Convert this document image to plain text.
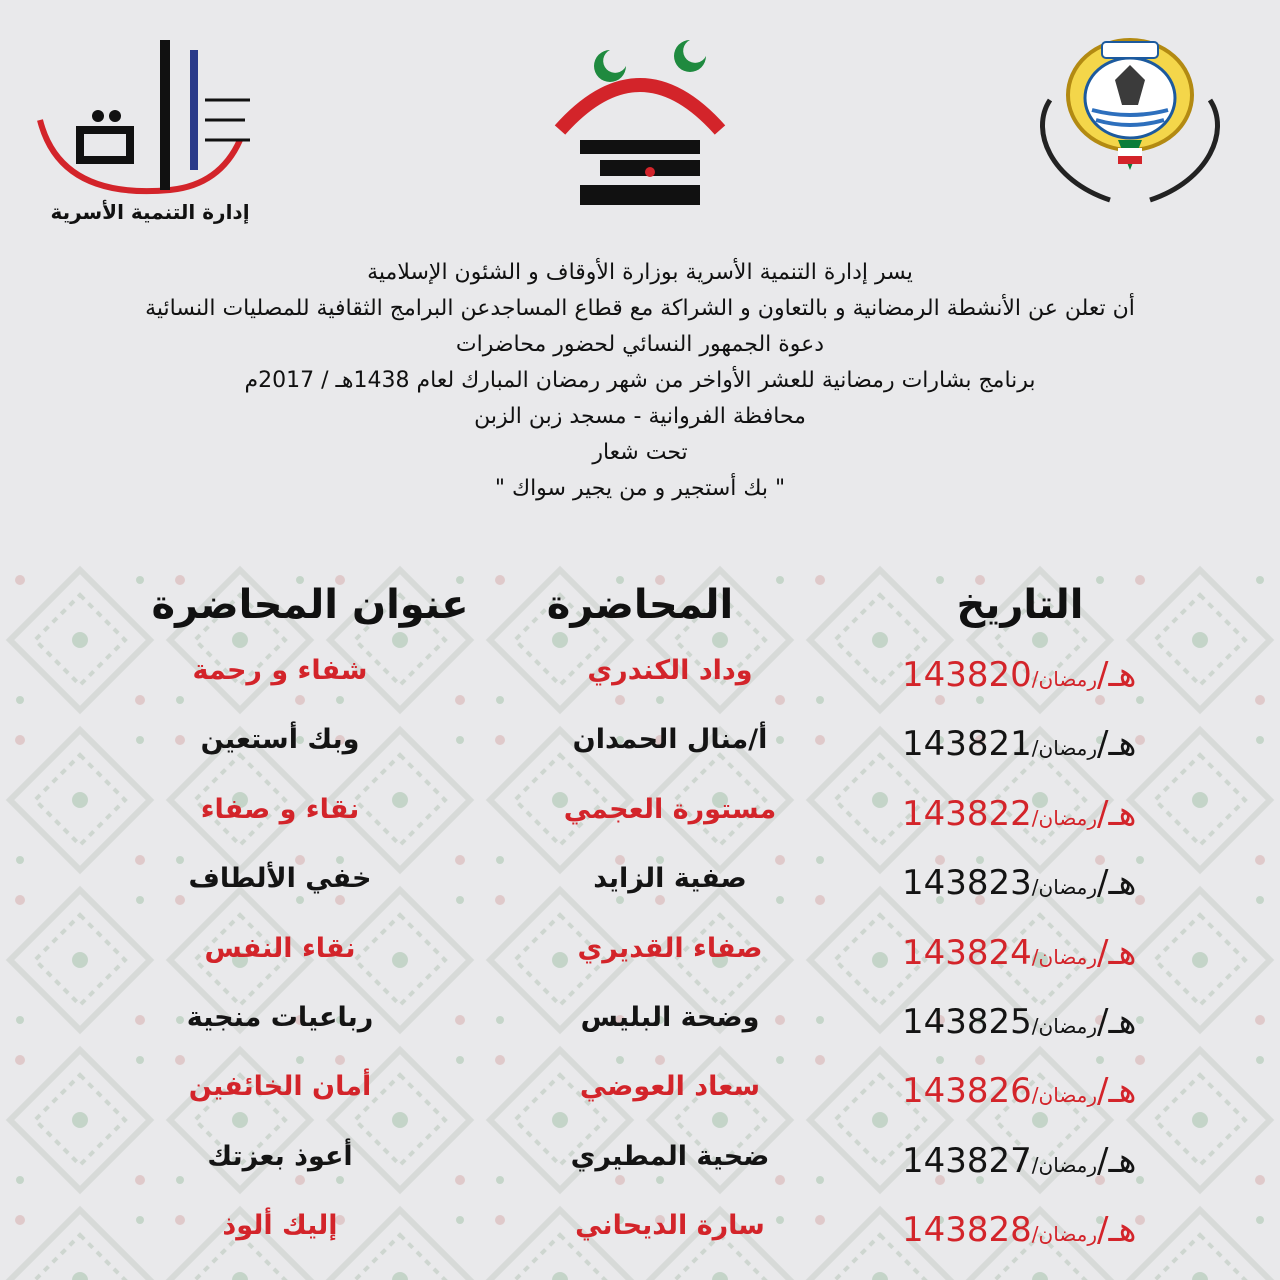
إدارة التنمية الأسرية
يسر إدارة التنمية الأسرية بوزارة الأوقاف و الشئون الإسلامية
أن تعلن عن الأنشطة الرمضانية و بالتعاون و الشراكة مع قطاع المساجدعن البرامج الثقافية للمصليات النسائية
دعوة الجمهور النسائي لحضور محاضرات
برنامج بشارات رمضانية للعشر الأواخر من شهر رمضان المبارك لعام 1438هـ / 2017م
محافظة الفروانية - مسجد زبن الزبن
تحت شعار
" بك أستجير و من يجير سواك "
التاريخ
المحاضرة
عنوان المحاضرة
1438هـ/رمضان/20
وداد الكندري
شفاء و رحمة
1438هـ/رمضان/21
أ/منال الحمدان
وبك أستعين
1438هـ/رمضان/22
مستورة العجمي
نقاء و صفاء
1438هـ/رمضان/23
صفية الزايد
خفي الألطاف
1438هـ/رمضان/24
صفاء القديري
نقاء النفس
1438هـ/رمضان/25
وضحة البليس
رباعيات منجية
1438هـ/رمضان/26
سعاد العوضي
أمان الخائفين
1438هـ/رمضان/27
ضحية المطيري
أعوذ بعزتك
1438هـ/رمضان/28
سارة الديحاني
إليك ألوذ
